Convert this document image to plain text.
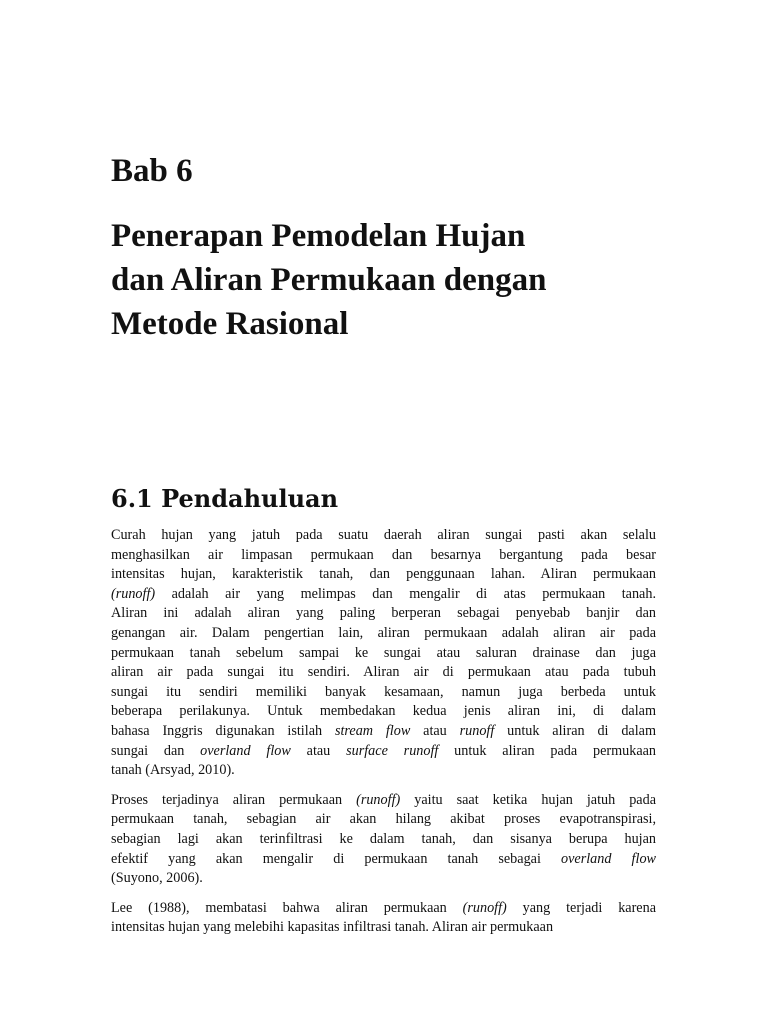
Bab 6
Penerapan Pemodelan Hujan
dan Aliran Permukaan dengan
Metode Rasional
6.1 Pendahuluan

Curah hujan yang jatuh pada suatu daerah aliran sungai pasti akan selalu
menghasilkan air limpasan permukaan dan besarnya bergantung pada besar
intensitas hujan, karakteristik tanah, dan penggunaan lahan. Aliran permukaan
(runoff) adalah air yang melimpas dan mengalir di atas permukaan tanah.
Aliran ini adalah aliran yang paling berperan sebagai penyebab banjir dan
genangan air. Dalam pengertian lain, aliran permukaan adalah aliran air pada
permukaan tanah sebelum sampai ke sungai atau saluran drainase dan juga
aliran air pada sungai itu sendiri. Aliran air di permukaan atau pada tubuh
sungai itu sendiri memiliki banyak kesamaan, namun juga berbeda untuk
beberapa perilakunya. Untuk membedakan kedua jenis aliran ini, di dalam
bahasa Inggris digunakan istilah stream flow atau runoff untuk aliran di dalam
sungai dan overland flow atau surface runoff untuk aliran pada permukaan
tanah (Arsyad, 2010).

Proses terjadinya aliran permukaan (runoff) yaitu saat ketika hujan jatuh pada
permukaan tanah, sebagian air akan hilang akibat proses evapotranspirasi,
sebagian lagi akan terinfiltrasi ke dalam tanah, dan sisanya berupa hujan
efektif yang akan mengalir di permukaan tanah sebagai overland flow
(Suyono, 2006).

Lee (1988), membatasi bahwa aliran permukaan (runoff) yang terjadi karena
intensitas hujan yang melebihi kapasitas infiltrasi tanah. Aliran air permukaan
